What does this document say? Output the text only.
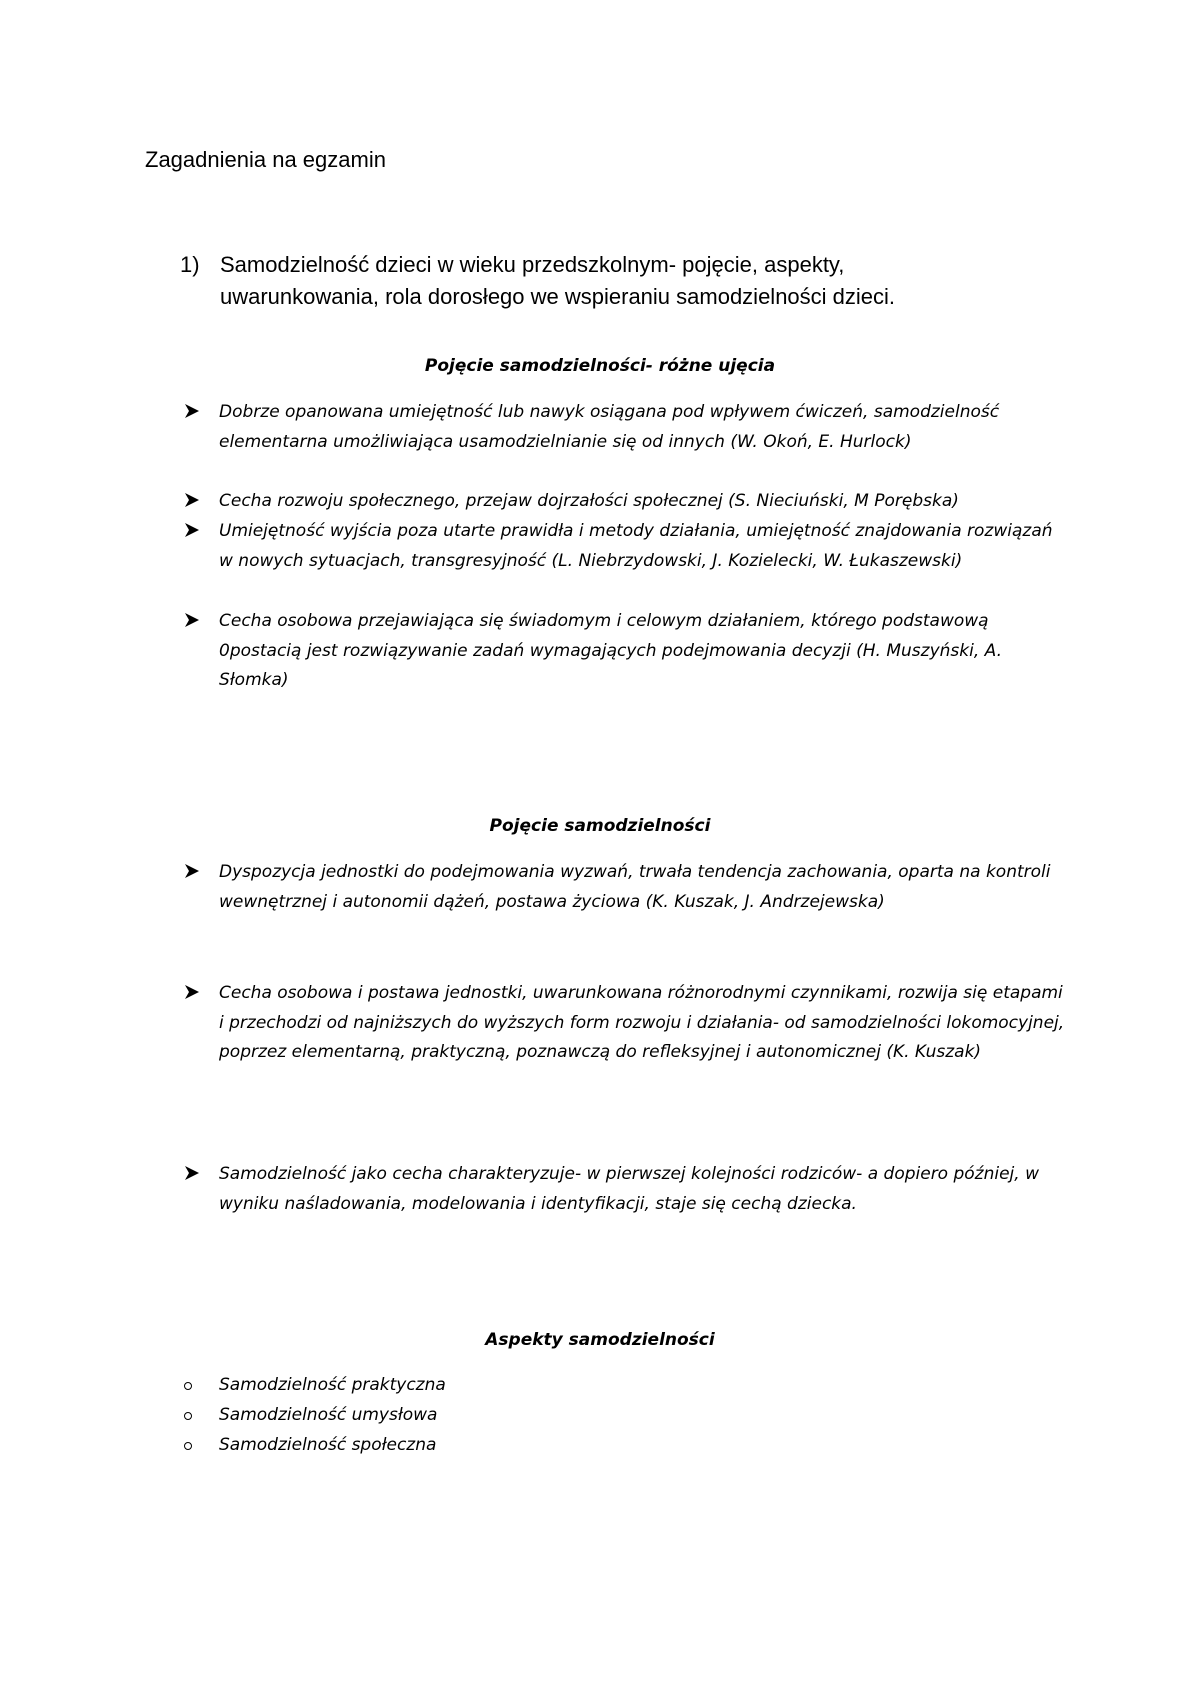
Zagadnienia na egzamin
1) Samodzielność dzieci w wieku przedszkolnym- pojęcie, aspekty, uwarunkowania, rola dorosłego we wspieraniu samodzielności dzieci.
Pojęcie samodzielności- różne ujęcia
Dobrze opanowana umiejętność lub nawyk osiągana pod wpływem ćwiczeń, samodzielność elementarna umożliwiająca usamodzielnianie się od innych (W. Okoń, E. Hurlock)
Cecha rozwoju społecznego, przejaw dojrzałości społecznej (S. Nieciuński, M Porębska)
Umiejętność wyjścia poza utarte prawidła i metody działania, umiejętność znajdowania rozwiązań w nowych sytuacjach, transgresyjność (L. Niebrzydowski, J. Kozielecki, W. Łukaszewski)
Cecha osobowa przejawiająca się świadomym i celowym działaniem, którego podstawową 0postacią jest rozwiązywanie zadań wymagających podejmowania decyzji (H. Muszyński, A. Słomka)
Pojęcie samodzielności
Dyspozycja jednostki do podejmowania wyzwań, trwała tendencja zachowania, oparta na kontroli wewnętrznej i autonomii dążeń, postawa życiowa (K. Kuszak, J. Andrzejewska)
Cecha osobowa i postawa jednostki, uwarunkowana różnorodnymi czynnikami, rozwija się etapami i przechodzi od najniższych do wyższych form rozwoju i działania- od samodzielności lokomocyjnej, poprzez elementarną, praktyczną, poznawczą do refleksyjnej i autonomicznej (K. Kuszak)
Samodzielność jako cecha charakteryzuje- w pierwszej kolejności rodziców- a dopiero później, w wyniku naśladowania, modelowania i identyfikacji, staje się cechą dziecka.
Aspekty samodzielności
Samodzielność praktyczna
Samodzielność umysłowa
Samodzielność społeczna
